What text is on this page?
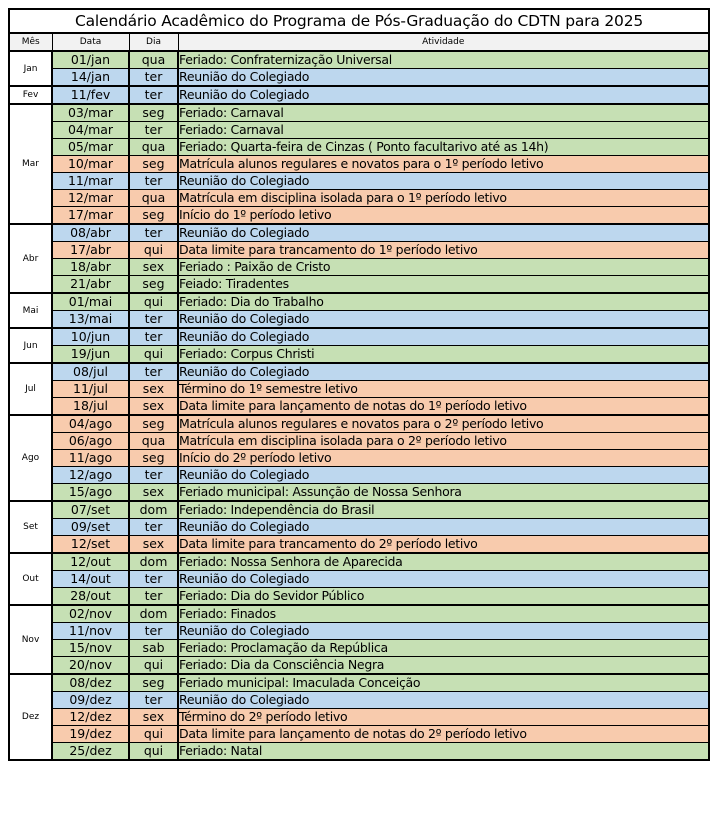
Calendário Acadêmico do Programa de Pós-Graduação do CDTN para 2025			
Mês	Data	Dia	Atividade
Jan	01/jan	qua	Feriado: Confraternização Universal
	14/jan	ter	Reunião do Colegiado
Fev	11/fev	ter	Reunião do Colegiado
Mar	03/mar	seg	Feriado: Carnaval
	04/mar	ter	Feriado: Carnaval
	05/mar	qua	Feriado: Quarta-feira de Cinzas ( Ponto facultarivo até as 14h)
	10/mar	seg	Matrícula alunos regulares e novatos para o 1º período letivo
	11/mar	ter	Reunião do Colegiado
	12/mar	qua	Matrícula em disciplina isolada para o 1º período letivo
	17/mar	seg	Início do 1º período letivo
Abr	08/abr	ter	Reunião do Colegiado
	17/abr	qui	Data limite para trancamento do 1º período letivo
	18/abr	sex	Feriado : Paixão de Cristo
	21/abr	seg	Feiado: Tiradentes
Mai	01/mai	qui	Feriado: Dia do Trabalho
	13/mai	ter	Reunião do Colegiado
Jun	10/jun	ter	Reunião do Colegiado
	19/jun	qui	Feriado: Corpus Christi
Jul	08/jul	ter	Reunião do Colegiado
	11/jul	sex	Término do 1º semestre letivo
	18/jul	sex	Data limite para lançamento de notas do 1º período letivo
Ago	04/ago	seg	Matrícula alunos regulares e novatos para o 2º período letivo
	06/ago	qua	Matrícula em disciplina isolada para o 2º período letivo
	11/ago	seg	Início do 2º período letivo
	12/ago	ter	Reunião do Colegiado
	15/ago	sex	Feriado municipal: Assunção de Nossa Senhora
Set	07/set	dom	Feriado: Independência do Brasil
	09/set	ter	Reunião do Colegiado
	12/set	sex	Data limite para trancamento do 2º período letivo
Out	12/out	dom	Feriado: Nossa Senhora de Aparecida
	14/out	ter	Reunião do Colegiado
	28/out	ter	Feriado: Dia do Sevidor Público
Nov	02/nov	dom	Feriado: Finados
	11/nov	ter	Reunião do Colegiado
	15/nov	sab	Feriado: Proclamação da República
	20/nov	qui	Feriado: Dia da Consciência Negra
Dez	08/dez	seg	Feriado municipal: Imaculada Conceição
	09/dez	ter	Reunião do Colegiado
	12/dez	sex	Término do 2º período letivo
	19/dez	qui	Data limite para lançamento de notas do 2º período letivo
	25/dez	qui	Feriado: Natal
